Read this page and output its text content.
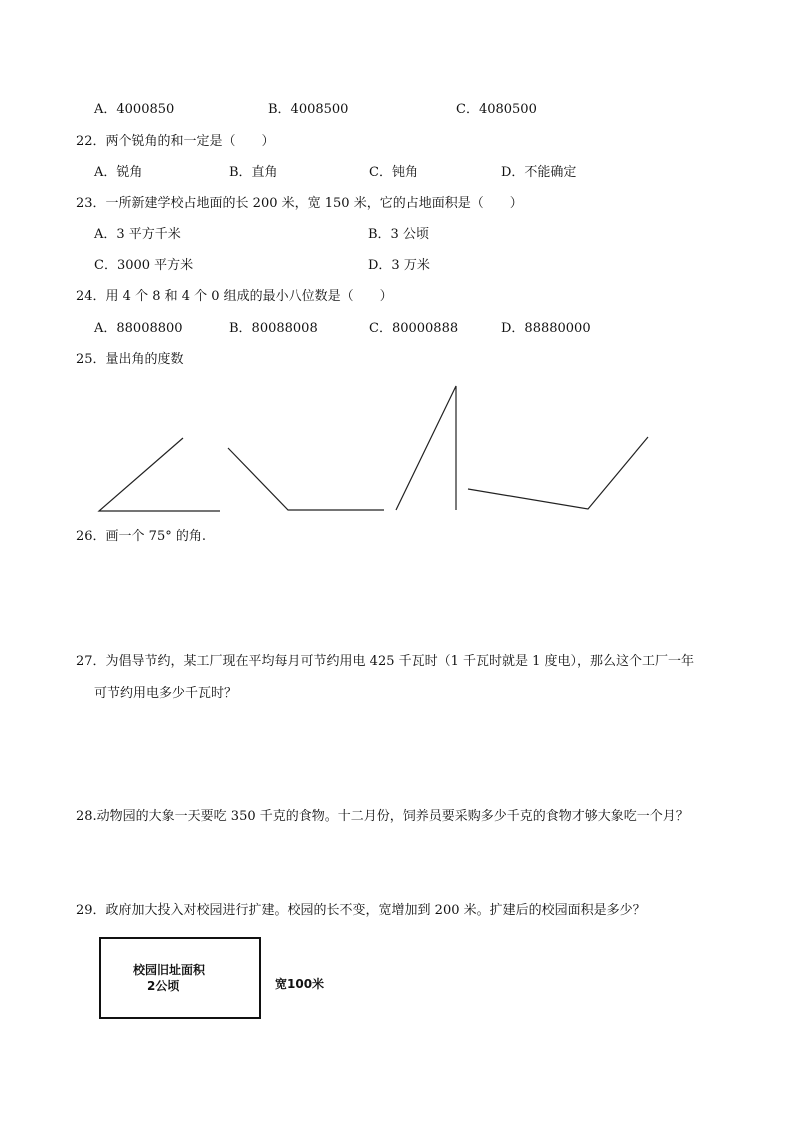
A．4000850	B．4008500	C．4080500
22．两个锐角的和一定是（　　）
A．锐角	B．直角	C．钝角	D．不能确定
23．一所新建学校占地面的长 200 米，宽 150 米，它的占地面积是（　　）
A．3 平方千米	B．3 公顷
C．3000 平方米	D．3 万米
24．用 4 个 8 和 4 个 0 组成的最小八位数是（　　）
A．88008800	B．80088008	C．80000888	D．88880000
25．量出角的度数
26．画一个 75° 的角.
27．为倡导节约，某工厂现在平均每月可节约用电 425 千瓦时（1 千瓦时就是 1 度电），那么这个工厂一年
可节约用电多少千瓦时？
28.动物园的大象一天要吃 350 千克的食物。十二月份，饲养员要采购多少千克的食物才够大象吃一个月？
29．政府加大投入对校园进行扩建。校园的长不变，宽增加到 200 米。扩建后的校园面积是多少？
校园旧址面积
2公顷	宽100米
